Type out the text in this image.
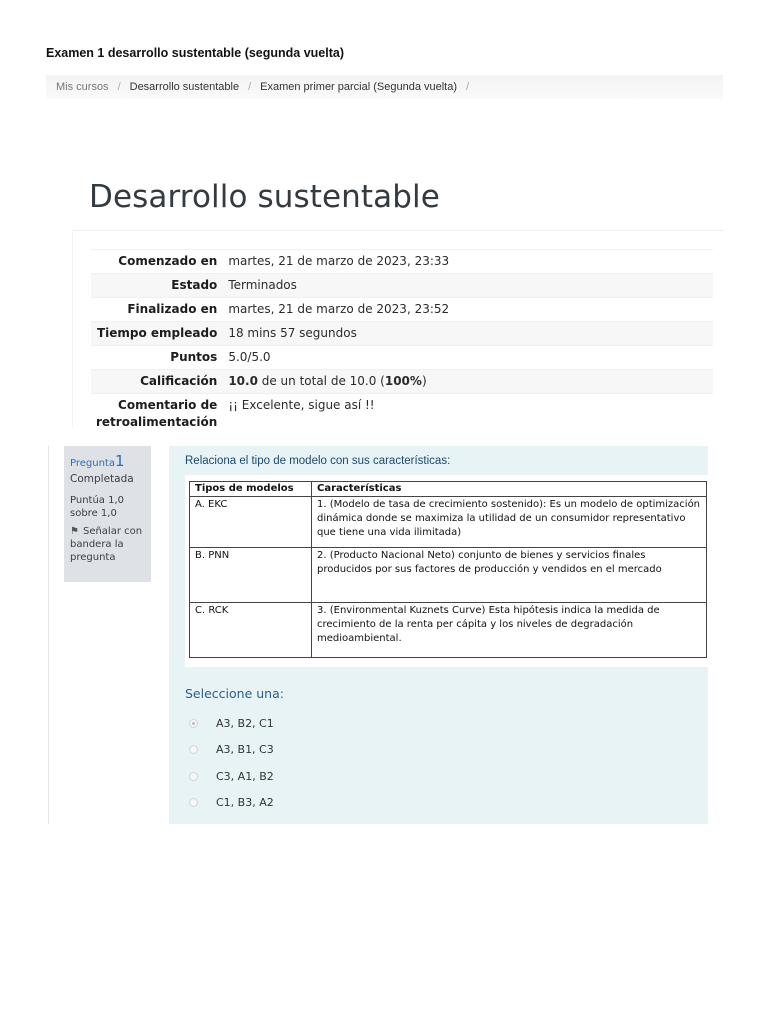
Examen 1 desarrollo sustentable (segunda vuelta)
Mis cursos / Desarrollo sustentable / Examen primer parcial (Segunda vuelta) /
Desarrollo sustentable
Comenzado en	martes, 21 de marzo de 2023, 23:33
Estado	Terminados
Finalizado en	martes, 21 de marzo de 2023, 23:52
Tiempo empleado	18 mins 57 segundos
Puntos	5.0/5.0
Calificación	10.0 de un total de 10.0 (100%)
Comentario de retroalimentación	¡¡ Excelente, sigue así !!
Pregunta1
Completada
Puntúa 1,0 sobre 1,0
⚑ Señalar con bandera la pregunta
Relaciona el tipo de modelo con sus características:
Tipos de modelos	Características
A. EKC	1. (Modelo de tasa de crecimiento sostenido): Es un modelo de optimización dinámica donde se maximiza la utilidad de un consumidor representativo que tiene una vida ilimitada)
B. PNN	2. (Producto Nacional Neto) conjunto de bienes y servicios finales producidos por sus factores de producción y vendidos en el mercado
C. RCK	3. (Environmental Kuznets Curve) Esta hipótesis indica la medida de crecimiento de la renta per cápita y los niveles de degradación medioambiental.
Seleccione una:
A3, B2, C1
A3, B1, C3
C3, A1, B2
C1, B3, A2
